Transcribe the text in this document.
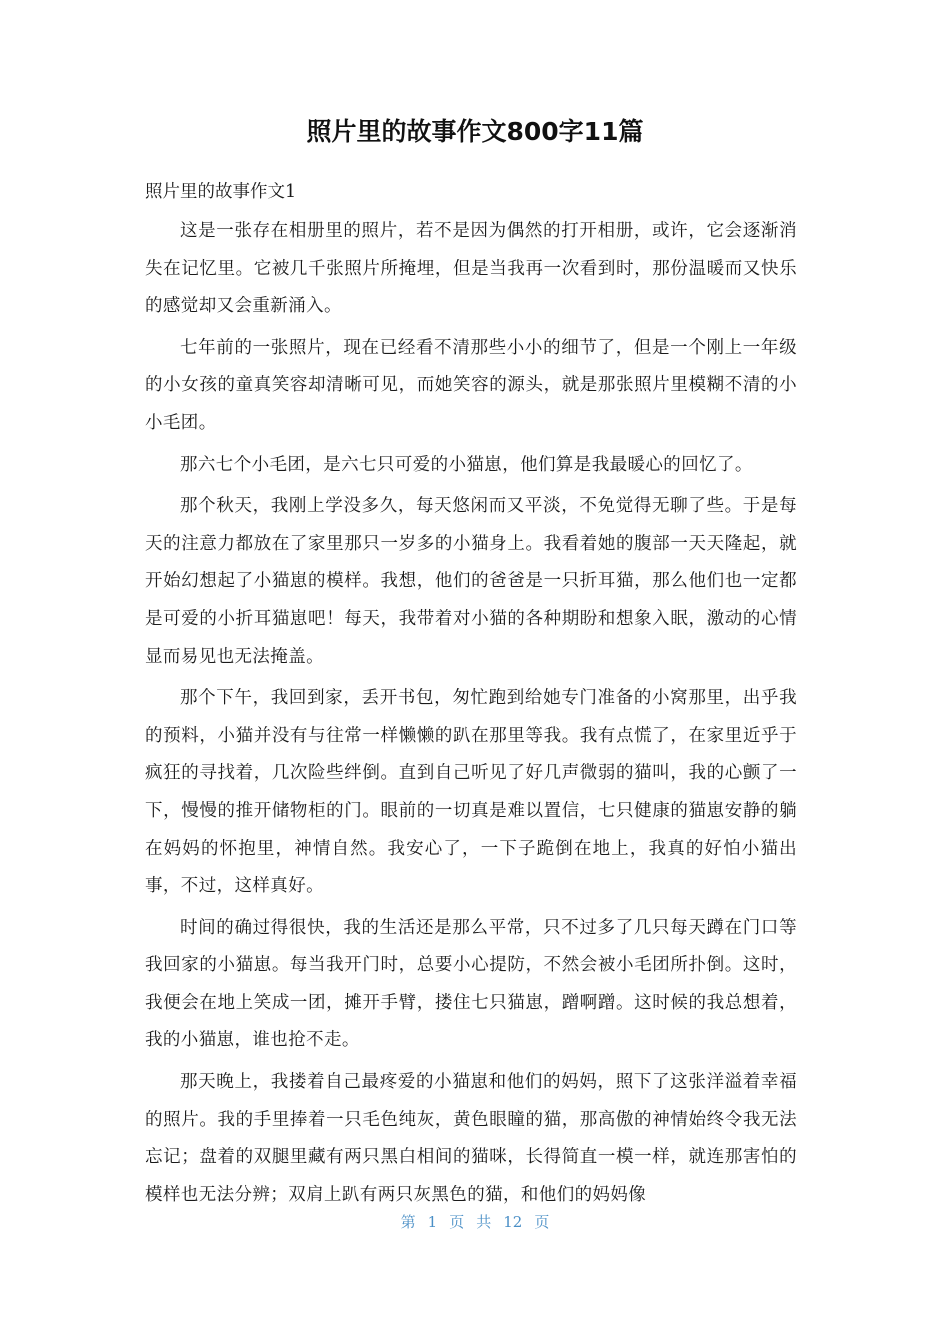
照片里的故事作文800字11篇

照片里的故事作文1

这是一张存在相册里的照片，若不是因为偶然的打开相册，或许，它会逐渐消失在记忆里。它被几千张照片所掩埋，但是当我再一次看到时，那份温暖而又快乐的感觉却又会重新涌入。

七年前的一张照片，现在已经看不清那些小小的细节了，但是一个刚上一年级的小女孩的童真笑容却清晰可见，而她笑容的源头，就是那张照片里模糊不清的小小毛团。

那六七个小毛团，是六七只可爱的小猫崽，他们算是我最暖心的回忆了。

那个秋天，我刚上学没多久，每天悠闲而又平淡，不免觉得无聊了些。于是每天的注意力都放在了家里那只一岁多的小猫身上。我看着她的腹部一天天隆起，就开始幻想起了小猫崽的模样。我想，他们的爸爸是一只折耳猫，那么他们也一定都是可爱的小折耳猫崽吧！每天，我带着对小猫的各种期盼和想象入眠，激动的心情显而易见也无法掩盖。

那个下午，我回到家，丢开书包，匆忙跑到给她专门准备的小窝那里，出乎我的预料，小猫并没有与往常一样懒懒的趴在那里等我。我有点慌了，在家里近乎于疯狂的寻找着，几次险些绊倒。直到自己听见了好几声微弱的猫叫，我的心颤了一下，慢慢的推开储物柜的门。眼前的一切真是难以置信，七只健康的猫崽安静的躺在妈妈的怀抱里，神情自然。我安心了，一下子跪倒在地上，我真的好怕小猫出事，不过，这样真好。

时间的确过得很快，我的生活还是那么平常，只不过多了几只每天蹲在门口等我回家的小猫崽。每当我开门时，总要小心提防，不然会被小毛团所扑倒。这时，我便会在地上笑成一团，摊开手臂，搂住七只猫崽，蹭啊蹭。这时候的我总想着，我的小猫崽，谁也抢不走。

那天晚上，我搂着自己最疼爱的小猫崽和他们的妈妈，照下了这张洋溢着幸福的照片。我的手里捧着一只毛色纯灰，黄色眼瞳的猫，那高傲的神情始终令我无法忘记；盘着的双腿里藏有两只黑白相间的猫咪，长得简直一模一样，就连那害怕的模样也无法分辨；双肩上趴有两只灰黑色的猫，和他们的妈妈像

第 1 页 共 12 页
